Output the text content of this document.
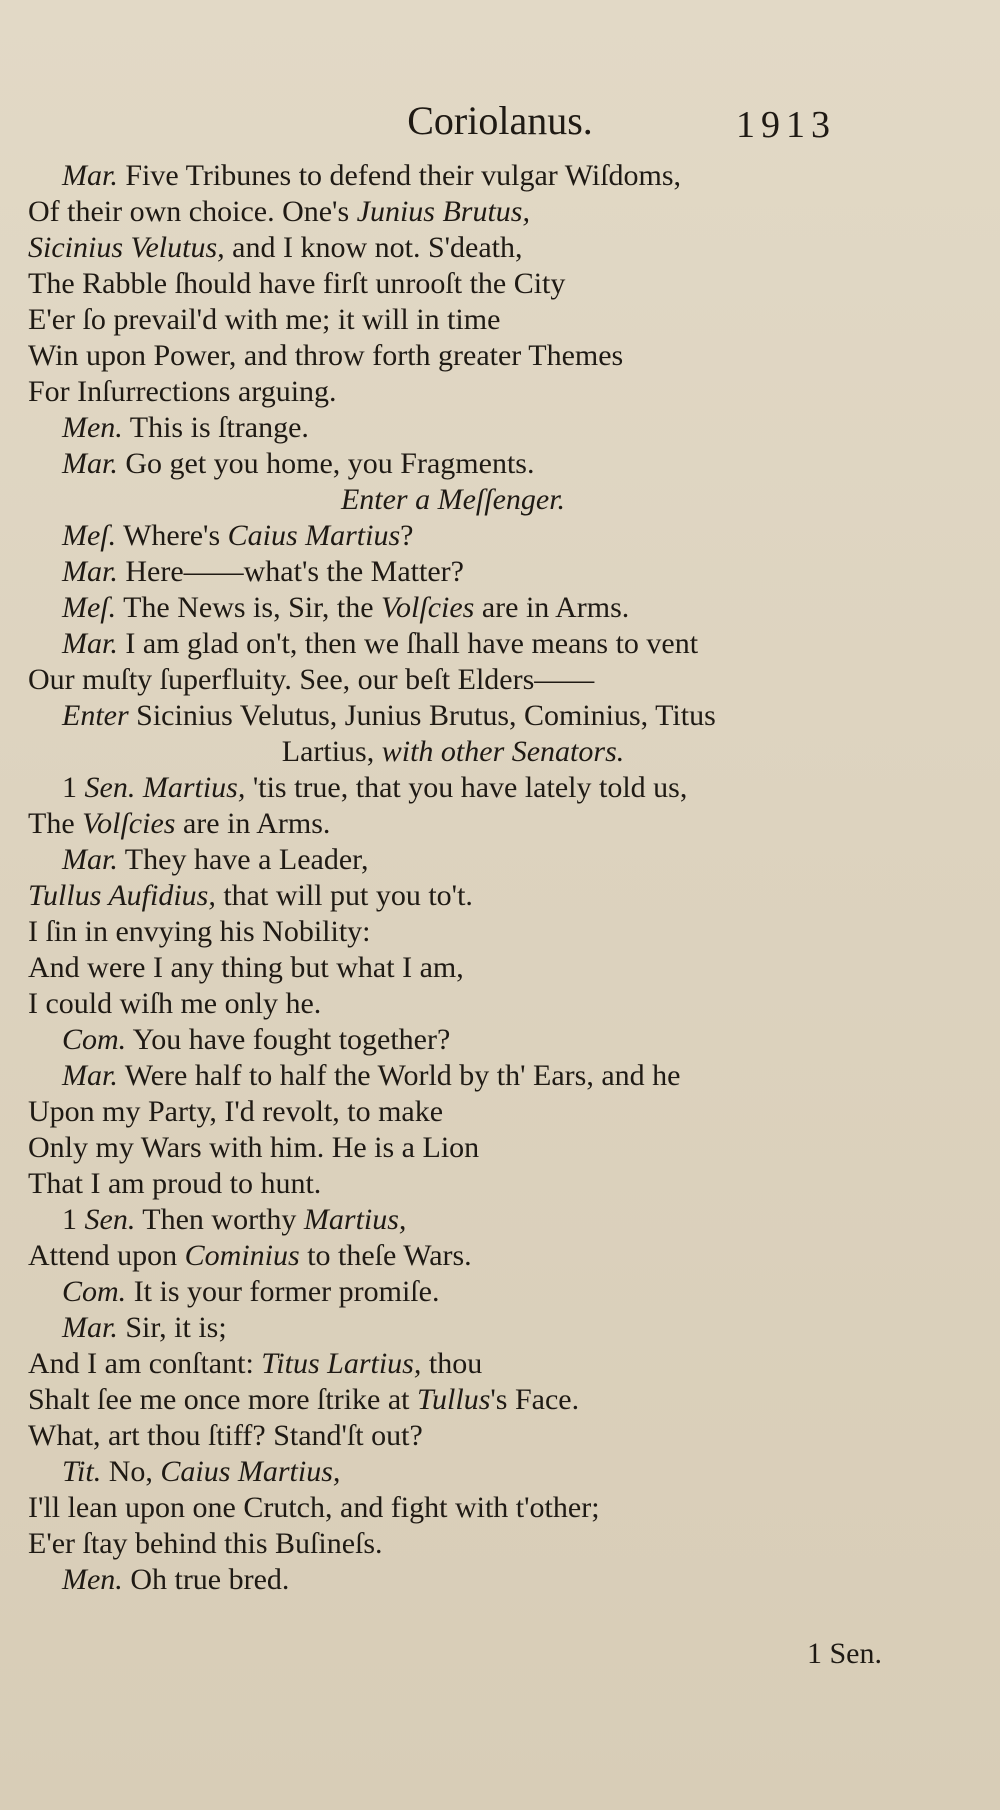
Coriolanus.	1913
Mar. Five Tribunes to defend their vulgar Wiſdoms,
Of their own choice. One's Junius Brutus,
Sicinius Velutus, and I know not. S'death,
The Rabble ſhould have firſt unrooſt the City
E'er ſo prevail'd with me; it will in time
Win upon Power, and throw forth greater Themes
For Inſurrections arguing.
Men. This is ſtrange.
Mar. Go get you home, you Fragments.
Enter a Meſſenger.
Meſ. Where's Caius Martius?
Mar. Here——what's the Matter?
Meſ. The News is, Sir, the Volſcies are in Arms.
Mar. I am glad on't, then we ſhall have means to vent
Our muſty ſuperfluity. See, our beſt Elders——
Enter Sicinius Velutus, Junius Brutus, Cominius, Titus
Lartius, with other Senators.
1 Sen. Martius, 'tis true, that you have lately told us,
The Volſcies are in Arms.
Mar. They have a Leader,
Tullus Aufidius, that will put you to't.
I ſin in envying his Nobility:
And were I any thing but what I am,
I could wiſh me only he.
Com. You have fought together?
Mar. Were half to half the World by th' Ears, and he
Upon my Party, I'd revolt, to make
Only my Wars with him. He is a Lion
That I am proud to hunt.
1 Sen. Then worthy Martius,
Attend upon Cominius to theſe Wars.
Com. It is your former promiſe.
Mar. Sir, it is;
And I am conſtant: Titus Lartius, thou
Shalt ſee me once more ſtrike at Tullus's Face.
What, art thou ſtiff? Stand'ſt out?
Tit. No, Caius Martius,
I'll lean upon one Crutch, and fight with t'other;
E'er ſtay behind this Buſineſs.
Men. Oh true bred.
1 Sen.
